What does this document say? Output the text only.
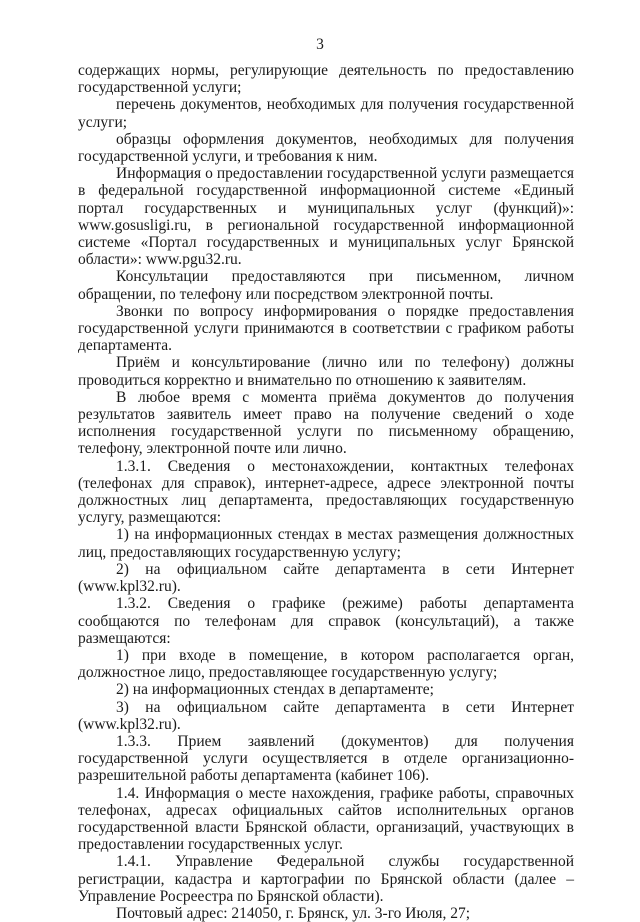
3

содержащих нормы, регулирующие деятельность по предоставлению государственной услуги;

перечень документов, необходимых для получения государственной услуги;

образцы оформления документов, необходимых для получения государственной услуги, и требования к ним.

Информация о предоставлении государственной услуги размещается в федеральной государственной информационной системе «Единый портал государственных и муниципальных услуг (функций)»: www.gosusligi.ru, в региональной государственной информационной системе «Портал государственных и муниципальных услуг Брянской области»: www.pgu32.ru.

Консультации предоставляются при письменном, личном обращении, по телефону или посредством электронной почты.

Звонки по вопросу информирования о порядке предоставления государственной услуги принимаются в соответствии с графиком работы департамента.

Приём и консультирование (лично или по телефону) должны проводиться корректно и внимательно по отношению к заявителям.

В любое время с момента приёма документов до получения результатов заявитель имеет право на получение сведений о ходе исполнения государственной услуги по письменному обращению, телефону, электронной почте или лично.

1.3.1. Сведения о местонахождении, контактных телефонах (телефонах для справок), интернет-адресе, адресе электронной почты должностных лиц департамента, предоставляющих государственную услугу, размещаются:

1) на информационных стендах в местах размещения должностных лиц, предоставляющих государственную услугу;

2) на официальном сайте департамента в сети Интернет (www.kpl32.ru).

1.3.2. Сведения о графике (режиме) работы департамента сообщаются по телефонам для справок (консультаций), а также размещаются:

1) при входе в помещение, в котором располагается орган, должностное лицо, предоставляющее государственную услугу;

2) на информационных стендах в департаменте;

3) на официальном сайте департамента в сети Интернет (www.kpl32.ru).

1.3.3. Прием заявлений (документов) для получения государственной услуги осуществляется в отделе организационно-разрешительной работы департамента (кабинет 106).

1.4. Информация о месте нахождения, графике работы, справочных телефонах, адресах официальных сайтов исполнительных органов государственной власти Брянской области, организаций, участвующих в предоставлении государственных услуг.

1.4.1. Управление Федеральной службы государственной регистрации, кадастра и картографии по Брянской области (далее – Управление Росреестра по Брянской области).

Почтовый адрес: 214050, г. Брянск, ул. 3-го Июля, 27;
